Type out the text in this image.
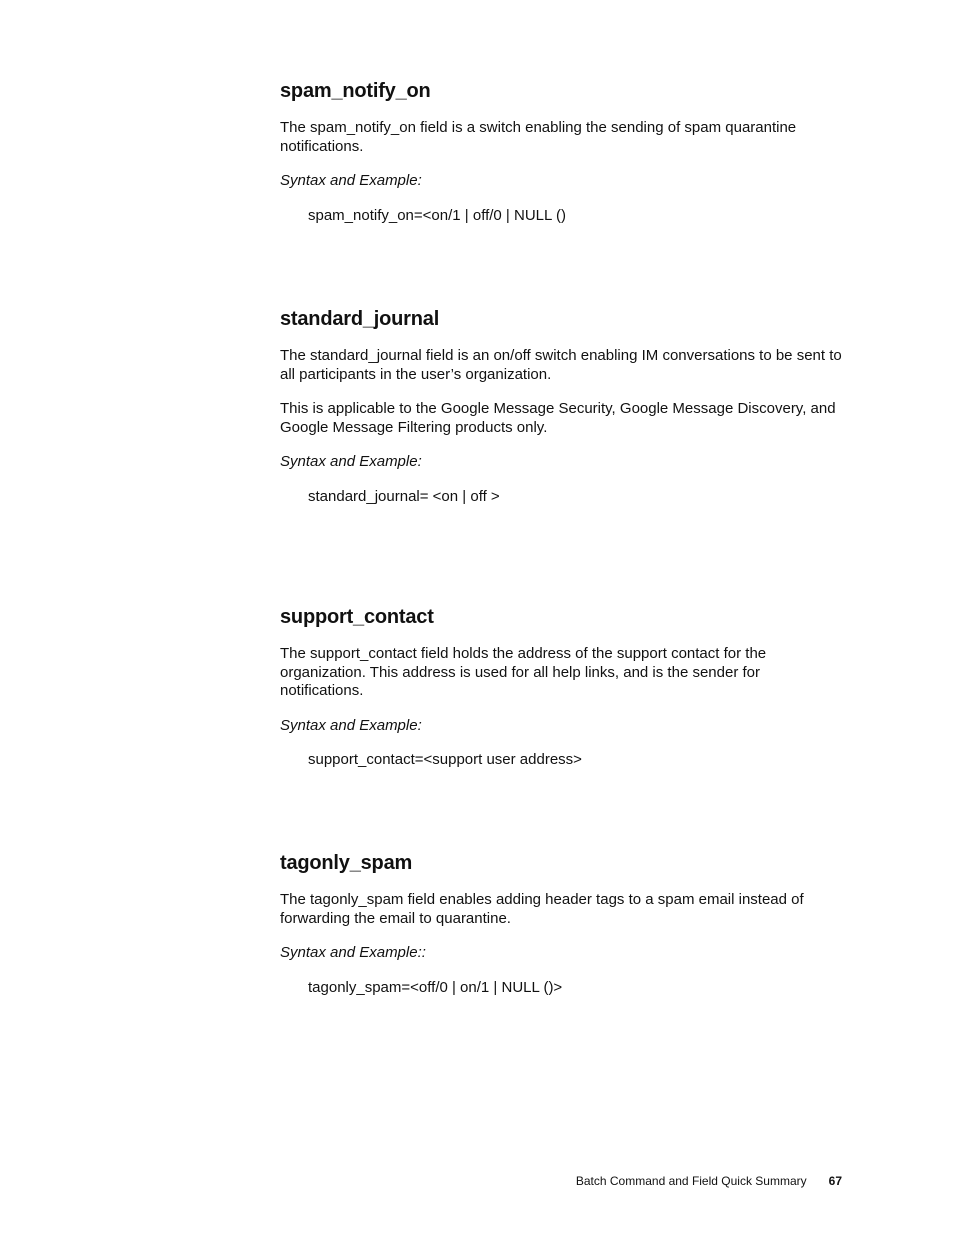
spam_notify_on

The spam_notify_on field is a switch enabling the sending of spam quarantine notifications.

Syntax and Example:

spam_notify_on=<on/1 | off/0 | NULL ()

standard_journal

The standard_journal field is an on/off switch enabling IM conversations to be sent to all participants in the user’s organization.

This is applicable to the Google Message Security, Google Message Discovery, and Google Message Filtering products only.

Syntax and Example:

standard_journal= <on | off >

support_contact

The support_contact field holds the address of the support contact for the organization. This address is used for all help links, and is the sender for notifications.

Syntax and Example:

support_contact=<support user address>

tagonly_spam

The tagonly_spam field enables adding header tags to a spam email instead of forwarding the email to quarantine.

Syntax and Example::

tagonly_spam=<off/0 | on/1 | NULL ()>

Batch Command and Field Quick Summary 67
